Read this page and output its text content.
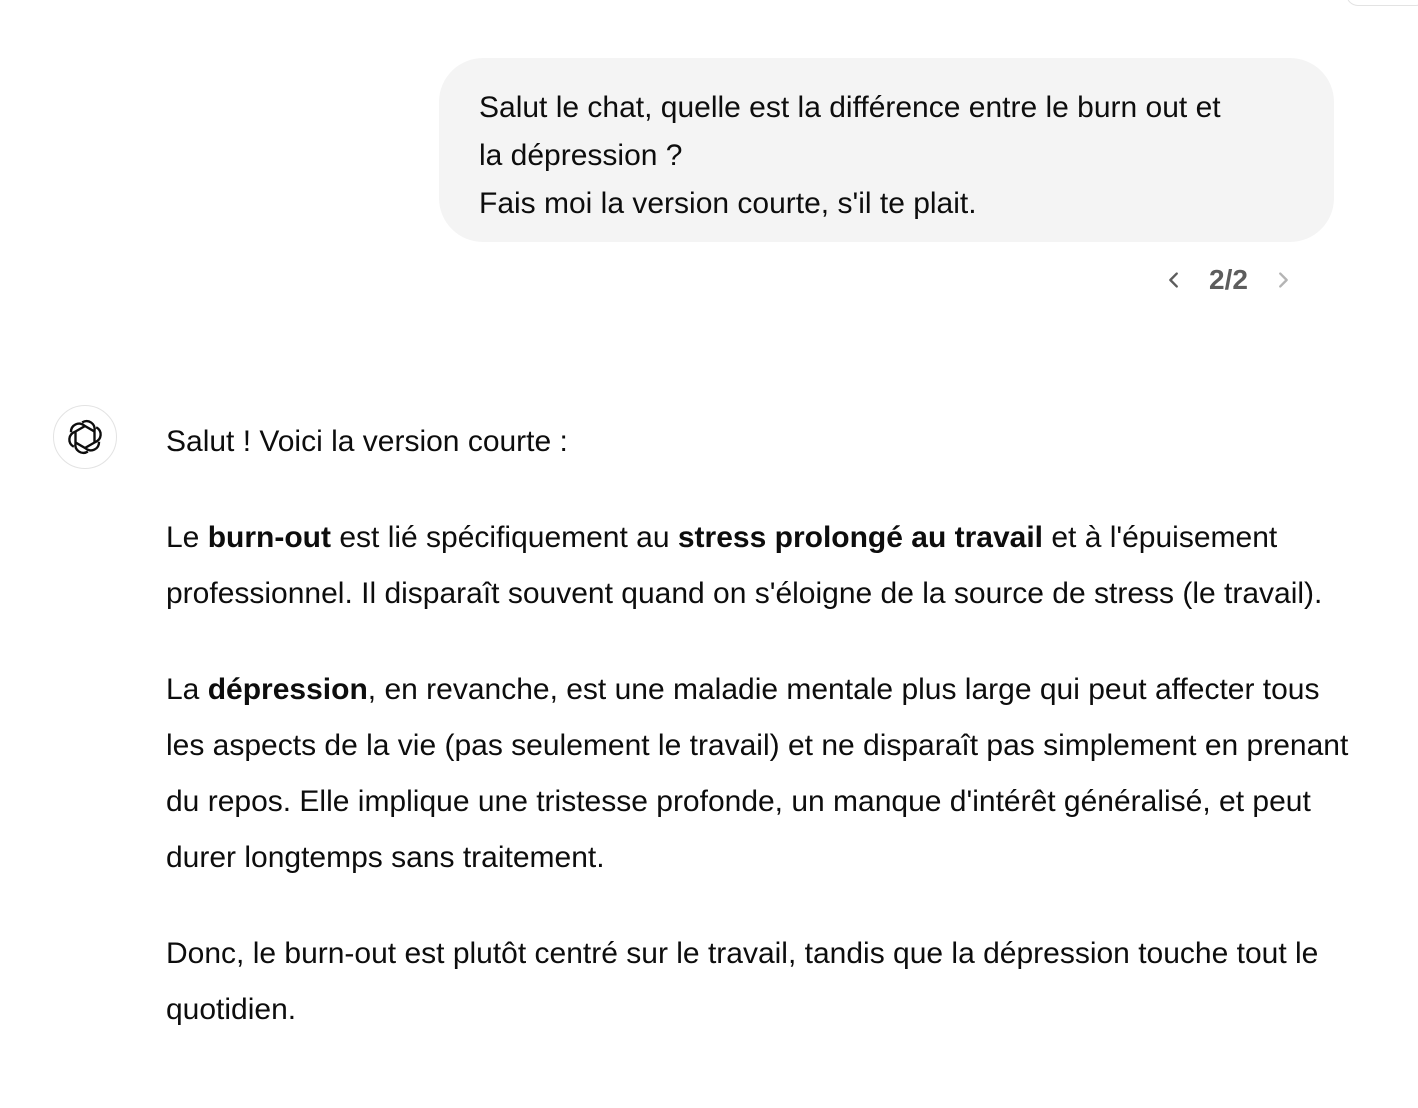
Salut le chat, quelle est la différence entre le burn out et
la dépression ?
Fais moi la version courte, s'il te plait.
2/2

Salut ! Voici la version courte :

Le burn-out est lié spécifiquement au stress prolongé au travail et à l'épuisement professionnel. Il disparaît souvent quand on s'éloigne de la source de stress (le travail).

La dépression, en revanche, est une maladie mentale plus large qui peut affecter tous les aspects de la vie (pas seulement le travail) et ne disparaît pas simplement en prenant du repos. Elle implique une tristesse profonde, un manque d'intérêt généralisé, et peut durer longtemps sans traitement.

Donc, le burn-out est plutôt centré sur le travail, tandis que la dépression touche tout le quotidien.
